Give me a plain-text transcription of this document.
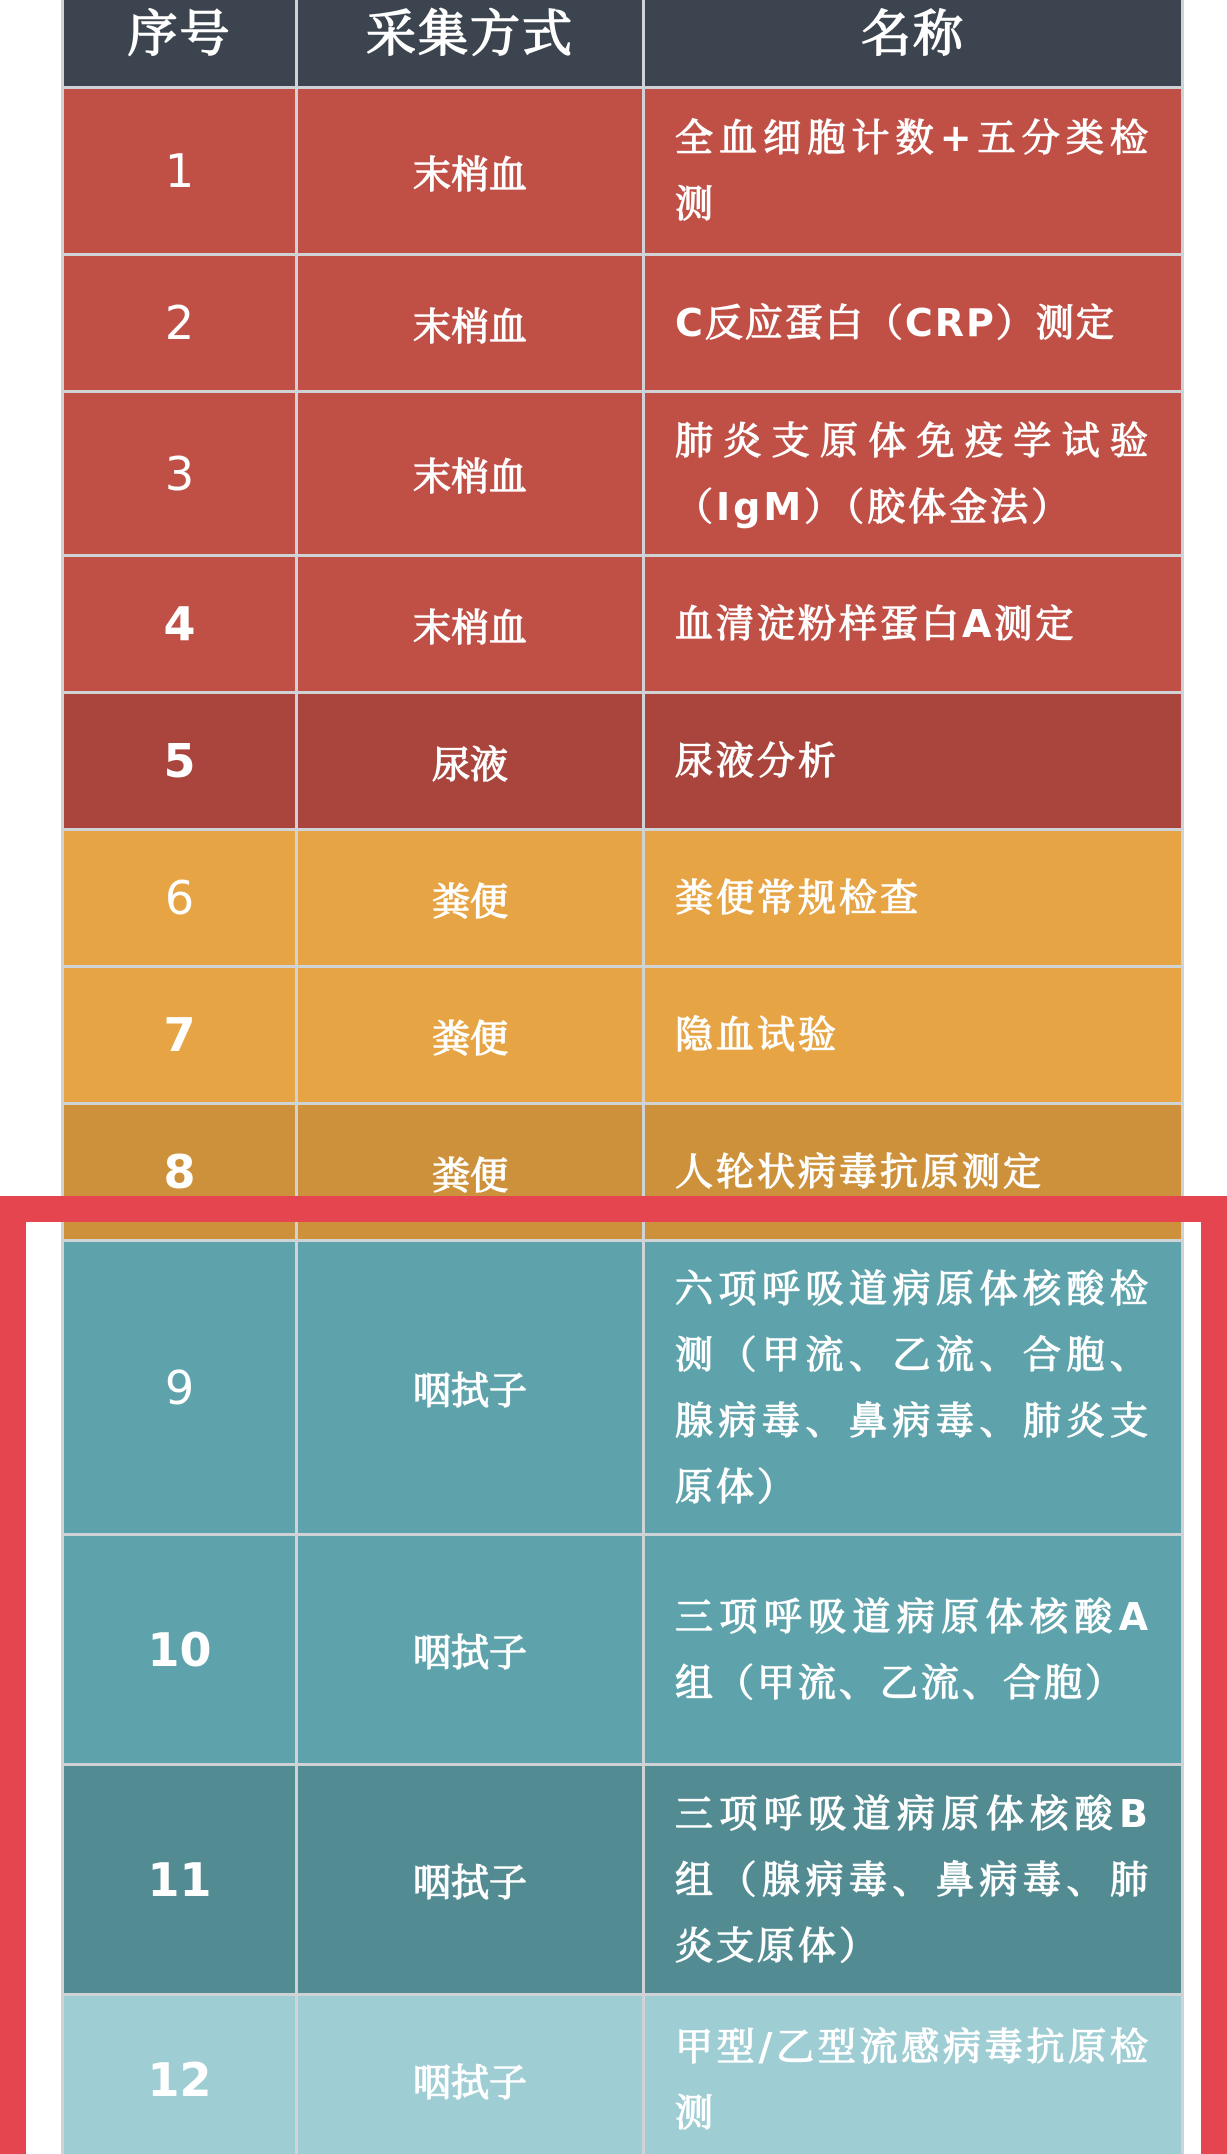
序号	采集方式	名称

1	末梢血	全血细胞计数+五分类检测
2	末梢血	C反应蛋白（CRP）测定
3	末梢血	肺炎支原体免疫学试验（IgM）（胶体金法）
4	末梢血	血清淀粉样蛋白A测定
5	尿液	尿液分析
6	粪便	粪便常规检查
7	粪便	隐血试验
8	粪便	人轮状病毒抗原测定
9	咽拭子	六项呼吸道病原体核酸检测（甲流、乙流、合胞、腺病毒、鼻病毒、肺炎支原体）
10	咽拭子	三项呼吸道病原体核酸A组（甲流、乙流、合胞）
11	咽拭子	三项呼吸道病原体核酸B组（腺病毒、鼻病毒、肺炎支原体）
12	咽拭子	甲型/乙型流感病毒抗原检测
